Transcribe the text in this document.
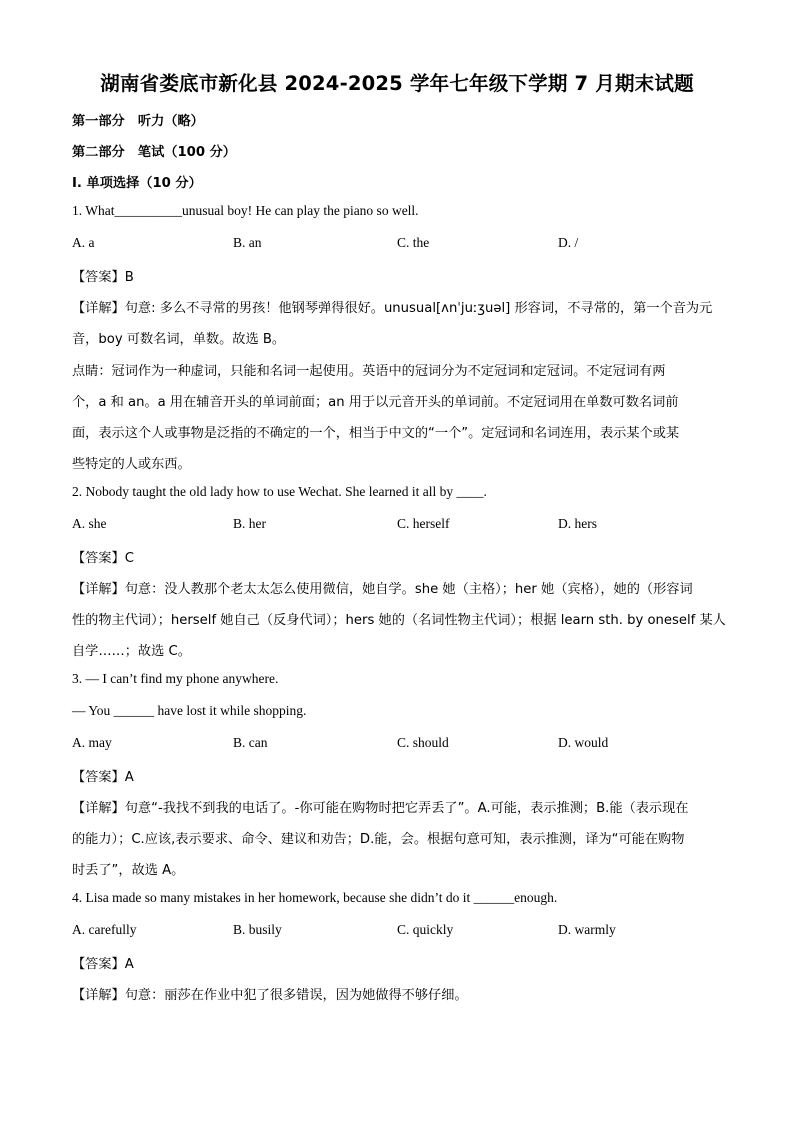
湖南省娄底市新化县 2024-2025 学年七年级下学期 7 月期末试题
第一部分　听力（略）
第二部分　笔试（100 分）
Ⅰ. 单项选择（10 分）
1. What__________unusual boy! He can play the piano so well.
A. a	B. an	C. the	D. /
【答案】B
【详解】句意: 多么不寻常的男孩！他钢琴弹得很好。unusual[ʌnˈjuːʒuəl] 形容词，不寻常的，第一个音为元
音，boy 可数名词，单数。故选 B。
点睛：冠词作为一种虚词，只能和名词一起使用。英语中的冠词分为不定冠词和定冠词。不定冠词有两
个，a 和 an。a 用在辅音开头的单词前面；an 用于以元音开头的单词前。不定冠词用在单数可数名词前
面，表示这个人或事物是泛指的不确定的一个，相当于中文的“一个”。定冠词和名词连用，表示某个或某
些特定的人或东西。
2. Nobody taught the old lady how to use Wechat. She learned it all by ____.
A. she	B. her	C. herself	D. hers
【答案】C
【详解】句意：没人教那个老太太怎么使用微信，她自学。she 她（主格）；her 她（宾格），她的（形容词
性的物主代词）；herself 她自己（反身代词）；hers 她的（名词性物主代词）；根据 learn sth. by oneself 某人
自学……；故选 C。
3. — I can’t find my phone anywhere.
— You ______ have lost it while shopping.
A. may	B. can	C. should	D. would
【答案】A
【详解】句意“-我找不到我的电话了。-你可能在购物时把它弄丢了”。A.可能，表示推测；B.能（表示现在
的能力）；C.应该,表示要求、命令、建议和劝告；D.能，会。根据句意可知，表示推测，译为“可能在购物
时丢了”，故选 A。
4. Lisa made so many mistakes in her homework, because she didn’t do it ______enough.
A. carefully	B. busily	C. quickly	D. warmly
【答案】A
【详解】句意：丽莎在作业中犯了很多错误，因为她做得不够仔细。
